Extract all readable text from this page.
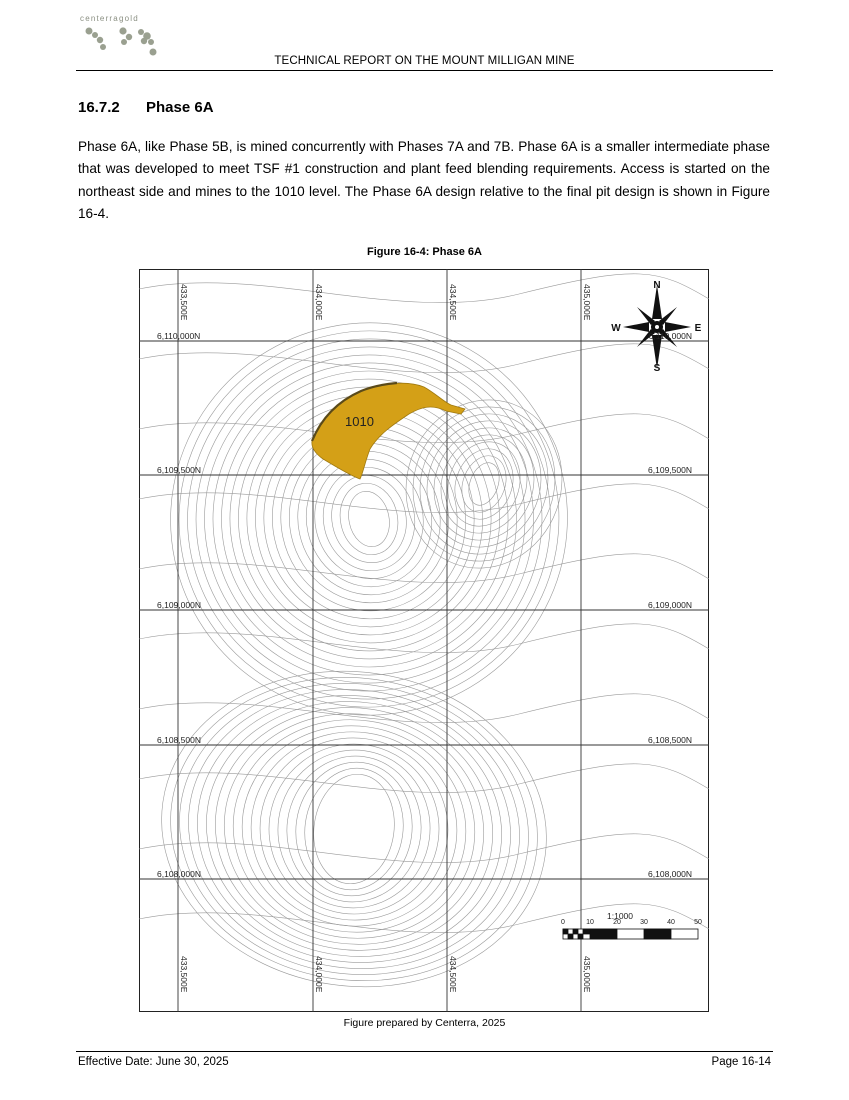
centerragold
TECHNICAL REPORT ON THE MOUNT MILLIGAN MINE
16.7.2 Phase 6A

Phase 6A, like Phase 5B, is mined concurrently with Phases 7A and 7B. Phase 6A is a smaller intermediate phase that was developed to meet TSF #1 construction and plant feed blending requirements. Access is started on the northeast side and mines to the 1010 level. The Phase 6A design relative to the final pit design is shown in Figure 16-4.

Figure 16-4: Phase 6A
1010
433,500E	434,000E	434,500E	435,000E
433,500E	434,000E	434,500E	435,000E
6,110,000N
6,109,500N
6,109,000N
6,108,500N
6,108,000N
6,109,500N
6,109,000N
6,108,500N
6,108,000N
N
S
W	E
6,110,000N
1:1000
0	10	20	30	40	50
Figure prepared by Centerra, 2025
Effective Date: June 30, 2025	Page 16-14
